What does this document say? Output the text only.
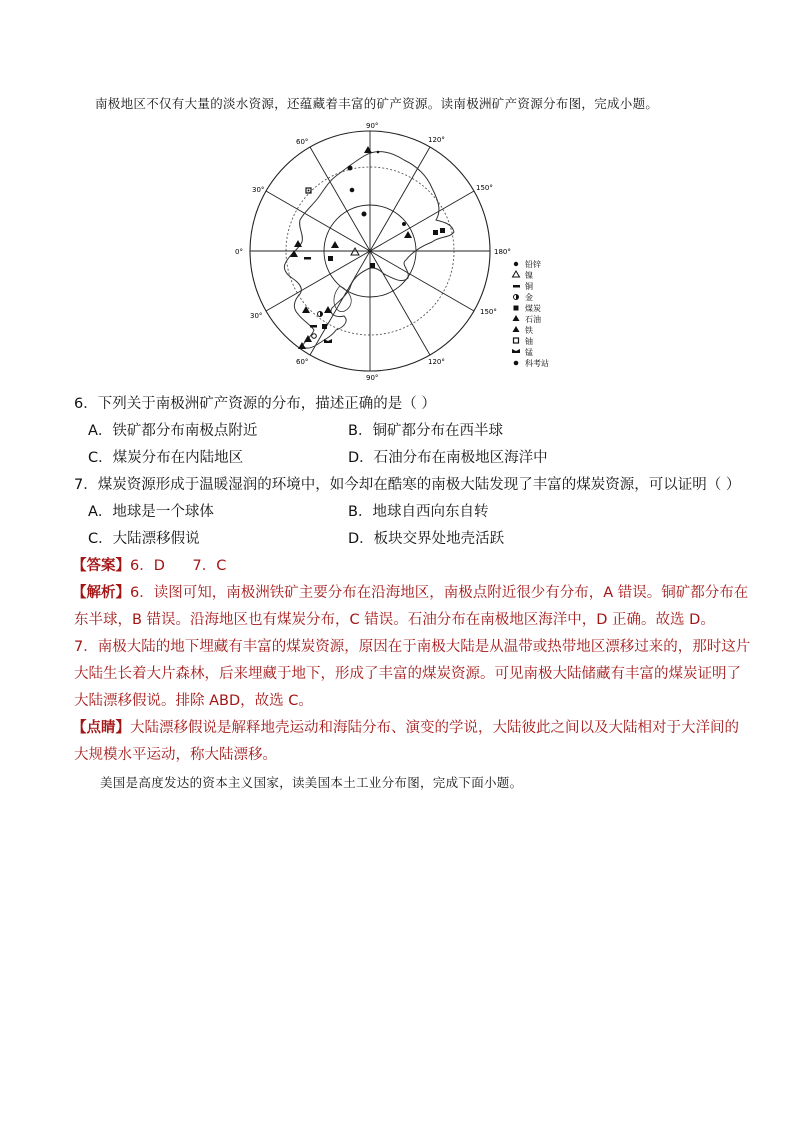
南极地区不仅有大量的淡水资源，还蕴藏着丰富的矿产资源。读南极洲矿产资源分布图，完成小题。
90°
120°
150°
180°
150°
120°
90°
60°
30°
0°
30°
60°
铅锌
镍
铜
金
煤炭
石油
铁
铀
锰
科考站
6．下列关于南极洲矿产资源的分布，描述正确的是（ ）
A．铁矿都分布南极点附近	B．铜矿都分布在西半球
C．煤炭分布在内陆地区	D．石油分布在南极地区海洋中
7．煤炭资源形成于温暖湿润的环境中，如今却在酷寒的南极大陆发现了丰富的煤炭资源，可以证明（ ）
A．地球是一个球体	B．地球自西向东自转
C．大陆漂移假说	D．板块交界处地壳活跃
【答案】6．D      7．C
【解析】6．读图可知，南极洲铁矿主要分布在沿海地区，南极点附近很少有分布，A 错误。铜矿都分布在
东半球，B 错误。沿海地区也有煤炭分布，C 错误。石油分布在南极地区海洋中，D 正确。故选 D。
7．南极大陆的地下埋藏有丰富的煤炭资源，原因在于南极大陆是从温带或热带地区漂移过来的，那时这片
大陆生长着大片森林，后来埋藏于地下，形成了丰富的煤炭资源。可见南极大陆储藏有丰富的煤炭证明了
大陆漂移假说。排除 ABD，故选 C。
【点睛】大陆漂移假说是解释地壳运动和海陆分布、演变的学说，大陆彼此之间以及大陆相对于大洋间的
大规模水平运动，称大陆漂移。
美国是高度发达的资本主义国家，读美国本土工业分布图，完成下面小题。
